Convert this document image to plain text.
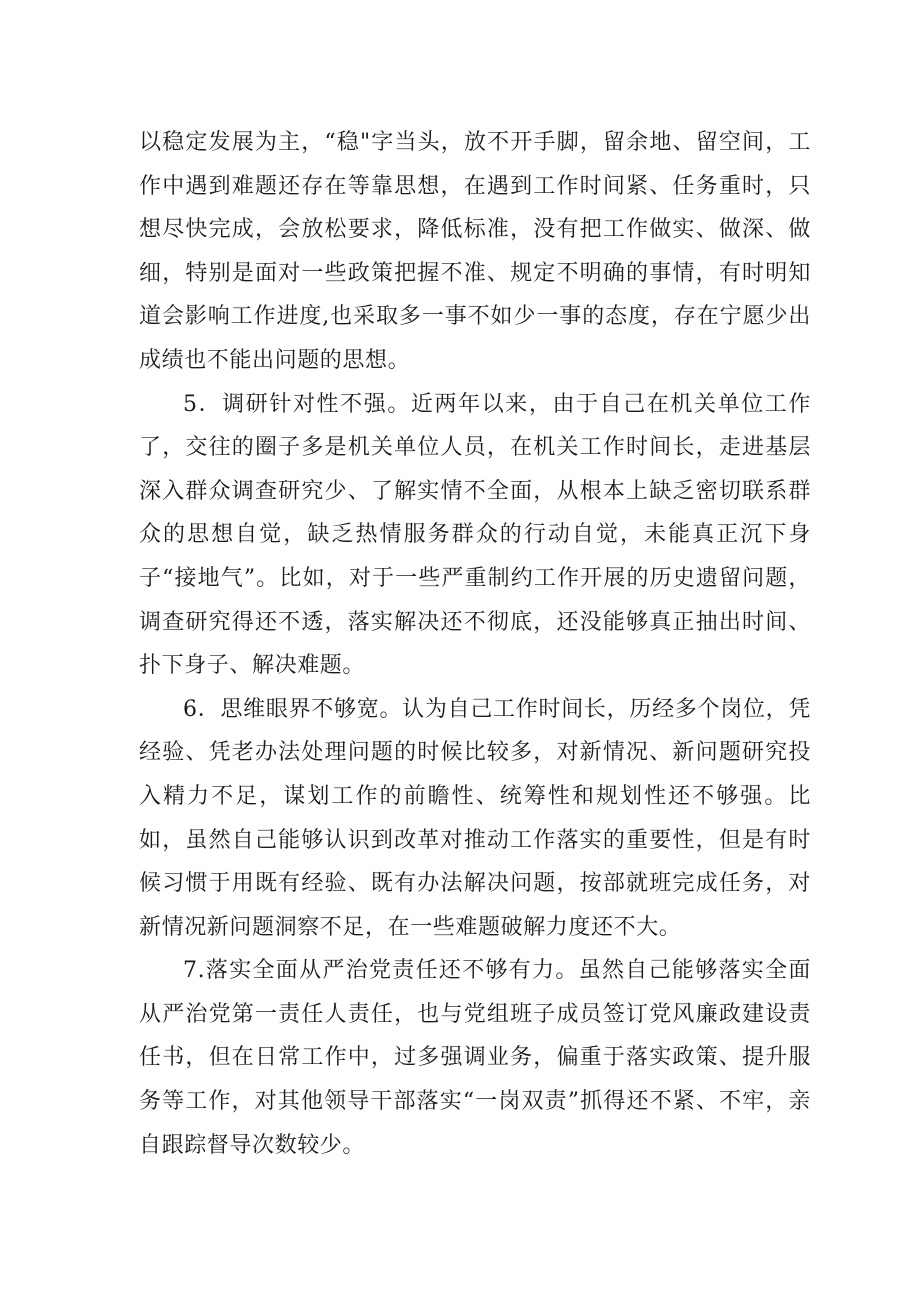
以稳定发展为主，“稳"字当头，放不开手脚，留余地、留空间，工作中遇到难题还存在等靠思想，在遇到工作时间紧、任务重时，只想尽快完成，会放松要求，降低标准，没有把工作做实、做深、做细，特别是面对一些政策把握不准、规定不明确的事情，有时明知道会影响工作进度,也采取多一事不如少一事的态度，存在宁愿少出成绩也不能出问题的思想。

5．调研针对性不强。近两年以来，由于自己在机关单位工作了，交往的圈子多是机关单位人员，在机关工作时间长，走进基层深入群众调查研究少、了解实情不全面，从根本上缺乏密切联系群众的思想自觉，缺乏热情服务群众的行动自觉，未能真正沉下身子“接地气”。比如，对于一些严重制约工作开展的历史遗留问题，调查研究得还不透，落实解决还不彻底，还没能够真正抽出时间、扑下身子、解决难题。

6．思维眼界不够宽。认为自己工作时间长，历经多个岗位，凭经验、凭老办法处理问题的时候比较多，对新情况、新问题研究投入精力不足，谋划工作的前瞻性、统筹性和规划性还不够强。比如，虽然自己能够认识到改革对推动工作落实的重要性，但是有时候习惯于用既有经验、既有办法解决问题，按部就班完成任务，对新情况新问题洞察不足，在一些难题破解力度还不大。

7.落实全面从严治党责任还不够有力。虽然自己能够落实全面从严治党第一责任人责任，也与党组班子成员签订党风廉政建设责任书，但在日常工作中，过多强调业务，偏重于落实政策、提升服务等工作，对其他领导干部落实“一岗双责”抓得还不紧、不牢，亲自跟踪督导次数较少。
